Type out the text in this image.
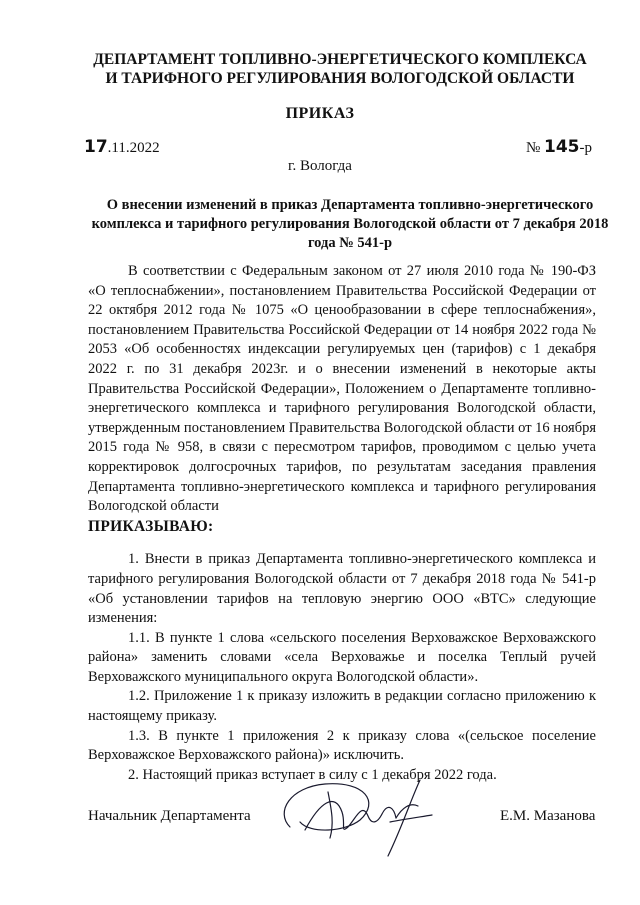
ДЕПАРТАМЕНТ ТОПЛИВНО-ЭНЕРГЕТИЧЕСКОГО КОМПЛЕКСА
И ТАРИФНОГО РЕГУЛИРОВАНИЯ ВОЛОГОДСКОЙ ОБЛАСТИ
ПРИКАЗ
17.11.2022	№ 145-р
г. Вологда
О внесении изменений в приказ Департамента топливно-энергетического комплекса и тарифного регулирования Вологодской области от 7 декабря 2018 года № 541-р

В соответствии с Федеральным законом от 27 июля 2010 года № 190-ФЗ «О теплоснабжении», постановлением Правительства Российской Федерации от 22 октября 2012 года № 1075 «О ценообразовании в сфере теплоснабжения», постановлением Правительства Российской Федерации от 14 ноября 2022 года № 2053 «Об особенностях индексации регулируемых цен (тарифов) с 1 декабря 2022 г. по 31 декабря 2023г. и о внесении изменений в некоторые акты Правительства Российской Федерации», Положением о Департаменте топливно-энергетического комплекса и тарифного регулирования Вологодской области, утвержденным постановлением Правительства Вологодской области от 16 ноября 2015 года № 958, в связи с пересмотром тарифов, проводимом с целью учета корректировок долгосрочных тарифов, по результатам заседания правления Департамента топливно-энергетического комплекса и тарифного регулирования Вологодской области

ПРИКАЗЫВАЮ:

1. Внести в приказ Департамента топливно-энергетического комплекса и тарифного регулирования Вологодской области от 7 декабря 2018 года № 541-р «Об установлении тарифов на тепловую энергию ООО «ВТС» следующие изменения:

1.1. В пункте 1 слова «сельского поселения Верховажское Верховажского района» заменить словами «села Верховажье и поселка Теплый ручей Верховажского муниципального округа Вологодской области».

1.2. Приложение 1 к приказу изложить в редакции согласно приложению к настоящему приказу.

1.3. В пункте 1 приложения 2 к приказу слова «(сельское поселение Верховажское Верховажского района)» исключить.

2. Настоящий приказ вступает в силу с 1 декабря 2022 года.

Начальник Департамента	Е.М. Мазанова
